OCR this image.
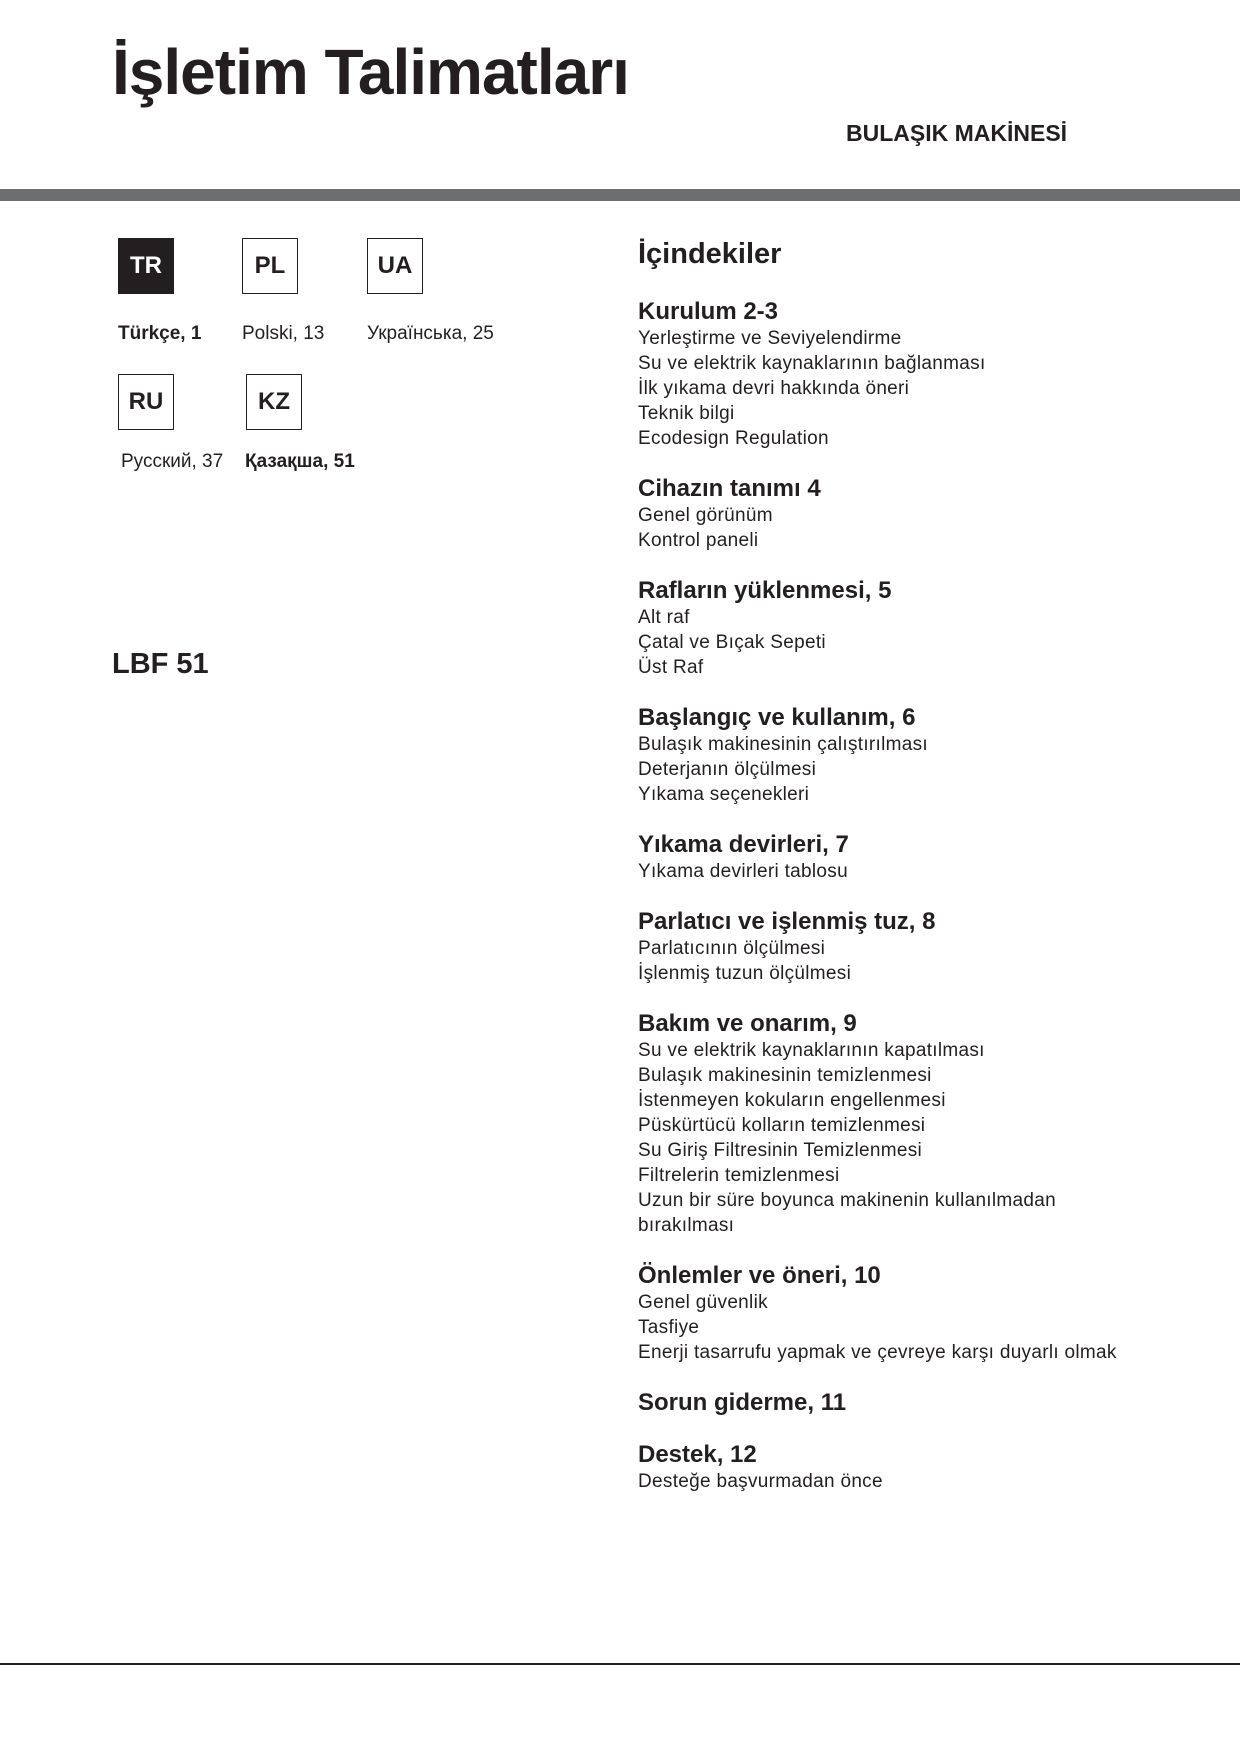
İşletim Talimatları
BULAŞIK MAKİNESİ
TR	PL	UA
Türkçe, 1 Polski, 13 Українська, 25
RU	KZ
Русский, 37 Қазақша, 51
LBF 51
İçindekiler

Kurulum 2-3

Yerleştirme ve Seviyelendirme

Su ve elektrik kaynaklarının bağlanması

İlk yıkama devri hakkında öneri

Teknik bilgi

Ecodesign Regulation

Cihazın tanımı 4

Genel görünüm

Kontrol paneli

Rafların yüklenmesi, 5

Alt raf

Çatal ve Bıçak Sepeti

Üst Raf

Başlangıç ve kullanım, 6

Bulaşık makinesinin çalıştırılması

Deterjanın ölçülmesi

Yıkama seçenekleri

Yıkama devirleri, 7

Yıkama devirleri tablosu

Parlatıcı ve işlenmiş tuz, 8

Parlatıcının ölçülmesi

İşlenmiş tuzun ölçülmesi

Bakım ve onarım, 9

Su ve elektrik kaynaklarının kapatılması

Bulaşık makinesinin temizlenmesi

İstenmeyen kokuların engellenmesi

Püskürtücü kolların temizlenmesi

Su Giriş Filtresinin Temizlenmesi

Filtrelerin temizlenmesi

Uzun bir süre boyunca makinenin kullanılmadan

bırakılması

Önlemler ve öneri, 10

Genel güvenlik

Tasfiye

Enerji tasarrufu yapmak ve çevreye karşı duyarlı olmak

Sorun giderme, 11

Destek, 12

Desteğe başvurmadan önce
